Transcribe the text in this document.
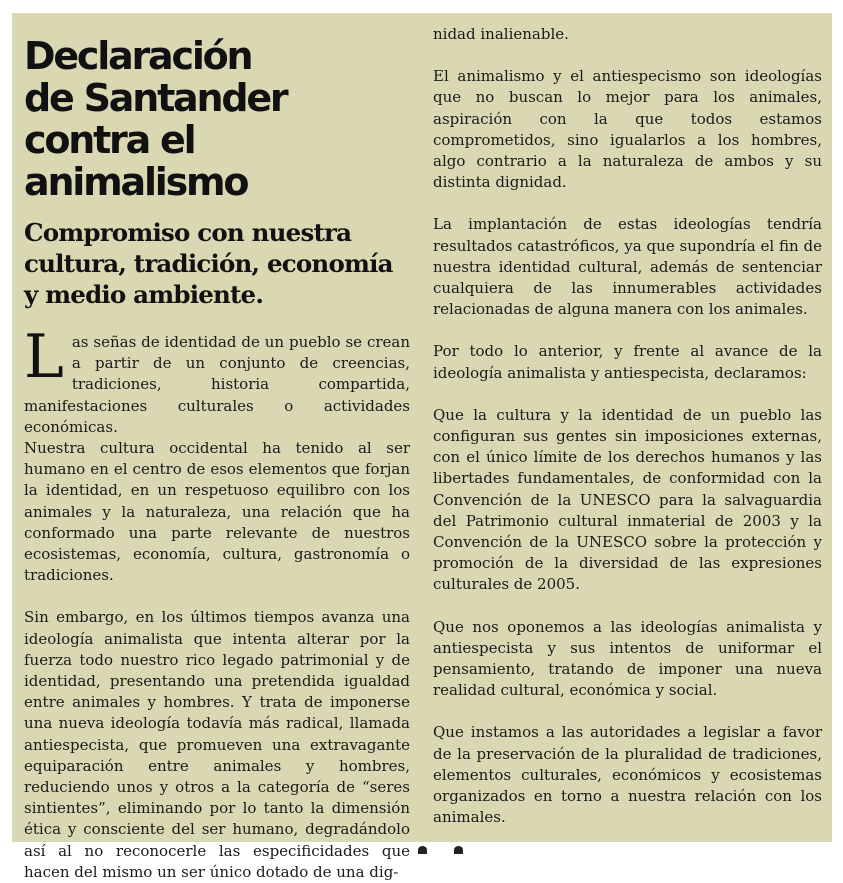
Declaración
de Santander
contra el animalismo
Compromiso con nuestra
cultura, tradición, economía
y medio ambiente.

Las señas de identidad de un pueblo se crean a partir de un conjunto de creencias, tradiciones, historia compartida, manifestaciones culturales o actividades económicas.

Nuestra cultura occidental ha tenido al ser humano en el centro de esos elementos que forjan la identidad, en un respetuoso equilibro con los animales y la naturaleza, una relación que ha conformado una parte relevante de nuestros ecosistemas, economía, cultura, gastronomía o tradiciones.

Sin embargo, en los últimos tiempos avanza una ideología animalista que intenta alterar por la fuerza todo nuestro rico legado patrimonial y de identidad, presentando una pretendida igualdad entre animales y hombres. Y trata de imponerse una nueva ideología todavía más radical, llamada antiespecista, que promueven una extravagante equiparación entre animales y hombres, reduciendo unos y otros a la categoría de “seres sintientes”, eliminando por lo tanto la dimensión ética y consciente del ser humano, degradándolo así al no reconocerle las especificidades que hacen del mismo un ser único dotado de una dig-

nidad inalienable.

El animalismo y el antiespecismo son ideologías que no buscan lo mejor para los animales, aspiración con la que todos estamos comprometidos, sino igualarlos a los hombres, algo contrario a la naturaleza de ambos y su distinta dignidad.

La implantación de estas ideologías tendría resultados catastróficos, ya que supondría el fin de nuestra identidad cultural, además de sentenciar cualquiera de las innumerables actividades relacionadas de alguna manera con los animales.

Por todo lo anterior, y frente al avance de la ideología animalista y antiespecista, declaramos:

Que la cultura y la identidad de un pueblo las configuran sus gentes sin imposiciones externas, con el único límite de los derechos humanos y las libertades fundamentales, de conformidad con la Convención de la UNESCO para la salvaguardia del Patrimonio cultural inmaterial de 2003 y la Convención de la UNESCO sobre la protección y promoción de la diversidad de las expresiones culturales de 2005.

Que nos oponemos a las ideologías animalista y antiespecista y sus intentos de uniformar el pensamiento, tratando de imponer una nueva realidad cultural, económica y social.

Que instamos a las autoridades a legislar a favor de la preservación de la pluralidad de tradiciones, elementos culturales, económicos y ecosistemas organizados en torno a nuestra relación con los animales.
